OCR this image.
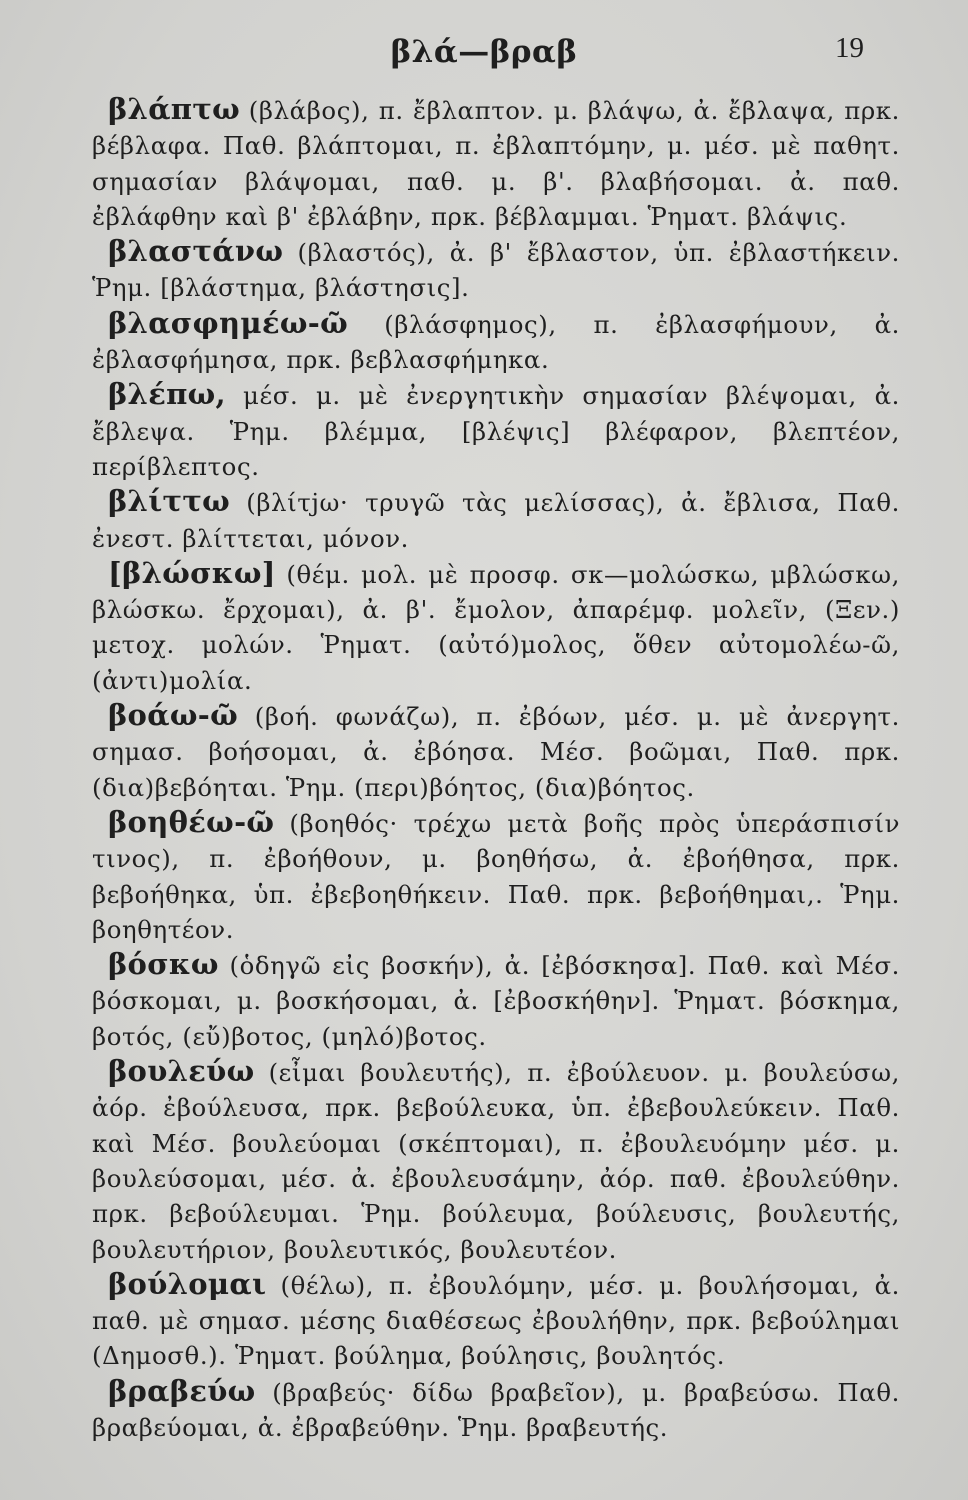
βλά—βραβ	19

βλάπτω (βλάβος), π. ἔβλαπτον. μ. βλάψω, ἀ. ἔβλαψα, πρκ. βέβλαφα. Παθ. βλάπτομαι, π. ἐβλαπτόμην, μ. μέσ. μὲ παθητ. σημασίαν βλάψομαι, παθ. μ. β'. βλαβήσομαι. ἀ. παθ. ἐβλάφθην καὶ β' ἐβλάβην, πρκ. βέβλαμμαι. Ῥηματ. βλάψις.

βλαστάνω (βλαστός), ἀ. β' ἔβλαστον, ὑπ. ἐβλαστήκειν. Ῥημ. [βλάστημα, βλάστησις].

βλασφημέω-ῶ (βλάσφημος), π. ἐβλασφήμουν, ἀ. ἐβλασφήμησα, πρκ. βεβλασφήμηκα.

βλέπω, μέσ. μ. μὲ ἐνεργητικὴν σημασίαν βλέψομαι, ἀ. ἔβλεψα. Ῥημ. βλέμμα, [βλέψις] βλέφαρον, βλεπτέον, περίβλεπτος.

βλίττω (βλίτjω· τρυγῶ τὰς μελίσσας), ἀ. ἔβλισα, Παθ. ἐνεστ. βλίττεται, μόνον.

[βλώσκω] (θέμ. μολ. μὲ προσφ. σκ—μολώσκω, μβλώσκω, βλώσκω. ἔρχομαι), ἀ. β'. ἔμολον, ἀπαρέμφ. μολεῖν, (Ξεν.) μετοχ. μολών. Ῥηματ. (αὐτό)μολος, ὅθεν αὐτομολέω-ῶ, (ἀντι)μολία.

βοάω-ῶ (βοή. φωνάζω), π. ἐβόων, μέσ. μ. μὲ ἀνεργητ. σημασ. βοήσομαι, ἀ. ἐβόησα. Μέσ. βοῶμαι, Παθ. πρκ. (δια)βεβόηται. Ῥημ. (περι)βόητος, (δια)βόητος.

βοηθέω-ῶ (βοηθός· τρέχω μετὰ βοῆς πρὸς ὑπεράσπισίν τινος), π. ἐβοήθουν, μ. βοηθήσω, ἀ. ἐβοήθησα, πρκ. βεβοήθηκα, ὑπ. ἐβεβοηθήκειν. Παθ. πρκ. βεβοήθημαι,. Ῥημ. βοηθητέον.

βόσκω (ὁδηγῶ εἰς βοσκήν), ἀ. [ἐβόσκησα]. Παθ. καὶ Μέσ. βόσκομαι, μ. βοσκήσομαι, ἀ. [ἐβοσκήθην]. Ῥηματ. βόσκημα, βοτός, (εὔ)βοτος, (μηλό)βοτος.

βουλεύω (εἶμαι βουλευτής), π. ἐβούλευον. μ. βουλεύσω, ἀόρ. ἐβούλευσα, πρκ. βεβούλευκα, ὑπ. ἐβεβουλεύκειν. Παθ. καὶ Μέσ. βουλεύομαι (σκέπτομαι), π. ἐβουλευόμην μέσ. μ. βουλεύσομαι, μέσ. ἀ. ἐβουλευσάμην, ἀόρ. παθ. ἐβουλεύθην. πρκ. βεβούλευμαι. Ῥημ. βούλευμα, βούλευσις, βουλευτής, βουλευτήριον, βουλευτικός, βουλευτέον.

βούλομαι (θέλω), π. ἐβουλόμην, μέσ. μ. βουλήσομαι, ἀ. παθ. μὲ σημασ. μέσης διαθέσεως ἐβουλήθην, πρκ. βεβούλημαι (Δημοσθ.). Ῥηματ. βούλημα, βούλησις, βουλητός.

βραβεύω (βραβεύς· δίδω βραβεῖον), μ. βραβεύσω. Παθ. βραβεύομαι, ἀ. ἐβραβεύθην. Ῥημ. βραβευτής.
